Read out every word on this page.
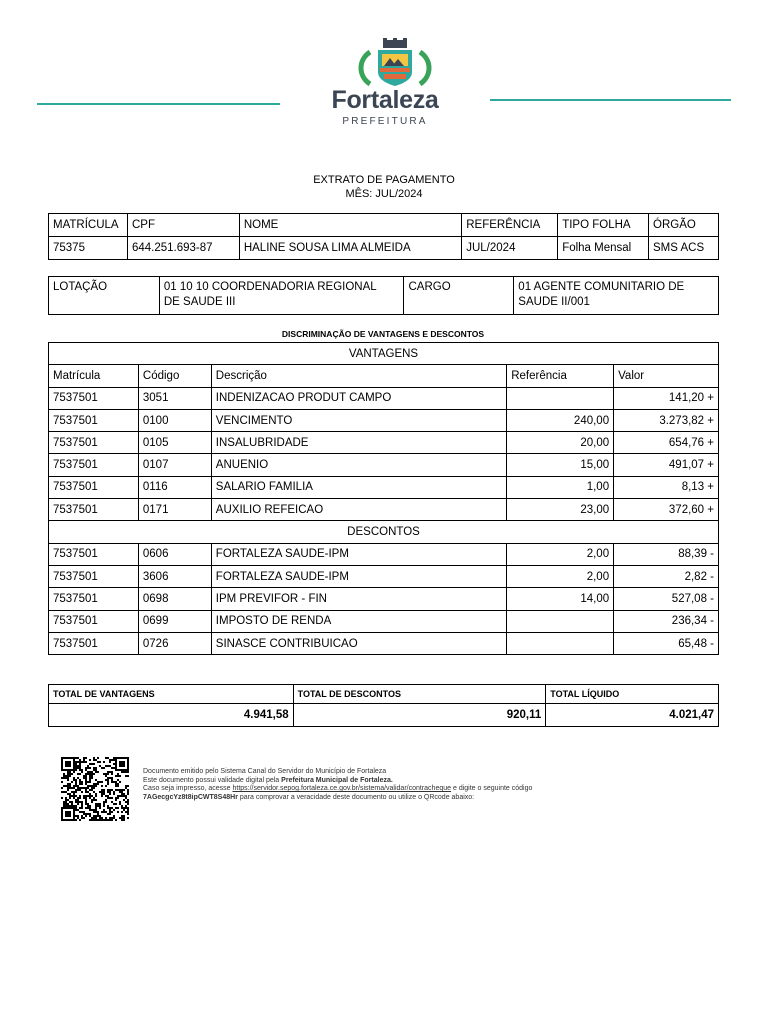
Fortaleza
PREFEITURA
EXTRATO DE PAGAMENTO
MÊS: JUL/2024
MATRÍCULA	CPF	NOME	REFERÊNCIA	TIPO FOLHA	ÓRGÃO
75375	644.251.693-87	HALINE SOUSA LIMA ALMEIDA	JUL/2024	Folha Mensal	SMS ACS
LOTAÇÃO	01 10 10 COORDENADORIA REGIONAL
DE SAUDE III	CARGO	01 AGENTE COMUNITARIO DE
SAUDE II/001
DISCRIMINAÇÃO DE VANTAGENS E DESCONTOS
VANTAGENS				
Matrícula	Código	Descrição	Referência	Valor
7537501	3051	INDENIZACAO PRODUT CAMPO		141,20 +
7537501	0100	VENCIMENTO	240,00	3.273,82 +
7537501	0105	INSALUBRIDADE	20,00	654,76 +
7537501	0107	ANUENIO	15,00	491,07 +
7537501	0116	SALARIO FAMILIA	1,00	8,13 +
7537501	0171	AUXILIO REFEICAO	23,00	372,60 +
DESCONTOS				
7537501	0606	FORTALEZA SAUDE-IPM	2,00	88,39 -
7537501	3606	FORTALEZA SAUDE-IPM	2,00	2,82 -
7537501	0698	IPM PREVIFOR - FIN	14,00	527,08 -
7537501	0699	IMPOSTO DE RENDA		236,34 -
7537501	0726	SINASCE CONTRIBUICAO		65,48 -
TOTAL DE VANTAGENS	TOTAL DE DESCONTOS	TOTAL LÍQUIDO
4.941,58	920,11	4.021,47
Documento emitido pelo Sistema Canal do Servidor do Município de Fortaleza
Este documento possui validade digital pela Prefeitura Municipal de Fortaleza.
Caso seja impresso, acesse https://servidor.sepog.fortaleza.ce.gov.br/sistema/validar/contracheque e digite o seguinte código
7AGecgcYz8t8ipCWT8S48Hr para comprovar a veracidade deste documento ou utilize o QRcode abaixo:
